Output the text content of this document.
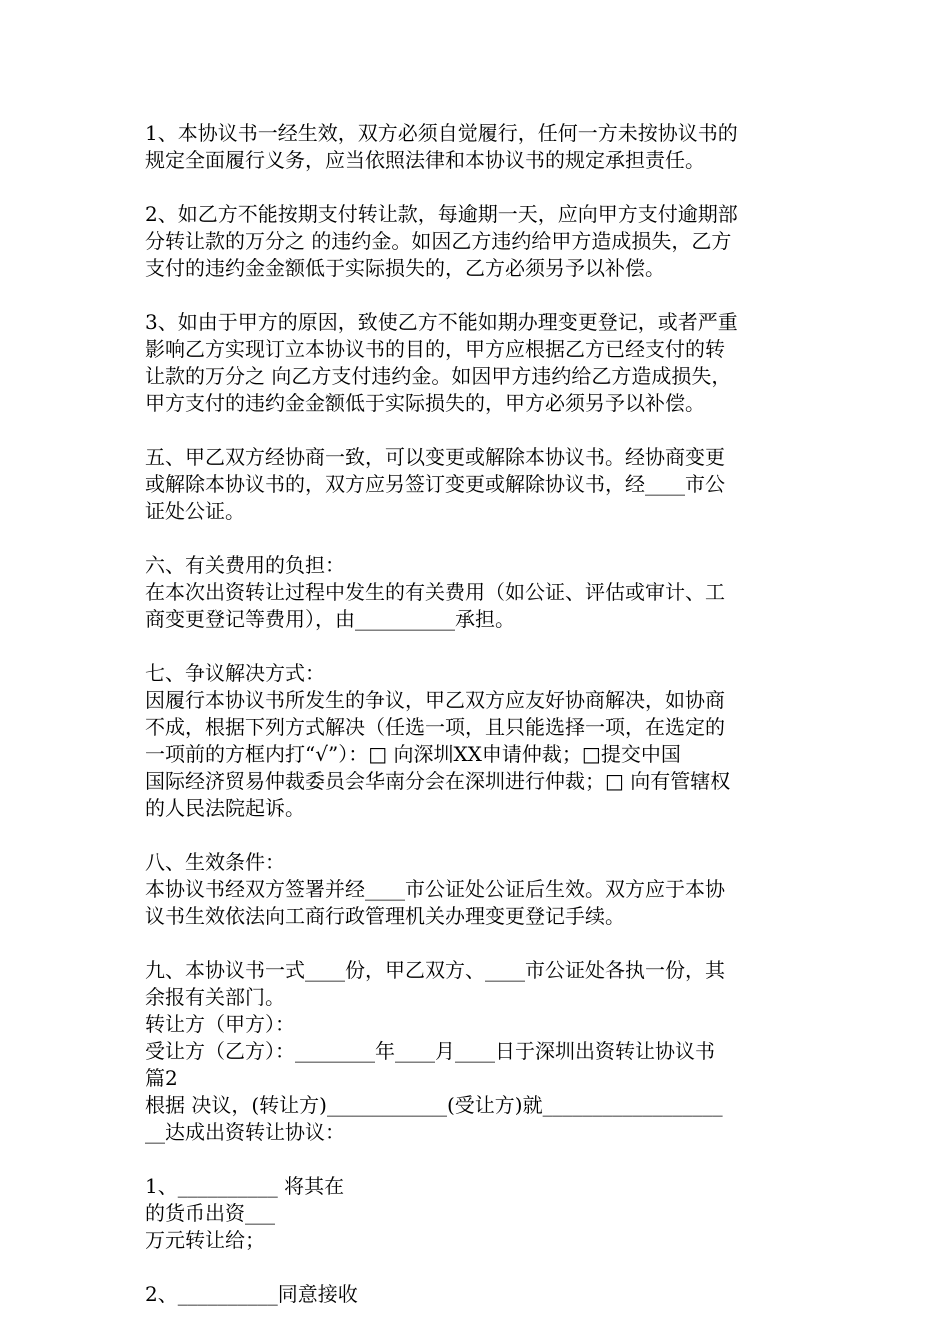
1、本协议书一经生效，双方必须自觉履行，任何一方未按协议书的
规定全面履行义务，应当依照法律和本协议书的规定承担责任。
2、如乙方不能按期支付转让款，每逾期一天，应向甲方支付逾期部
分转让款的万分之 的违约金。如因乙方违约给甲方造成损失，乙方
支付的违约金金额低于实际损失的，乙方必须另予以补偿。
3、如由于甲方的原因，致使乙方不能如期办理变更登记，或者严重
影响乙方实现订立本协议书的目的，甲方应根据乙方已经支付的转
让款的万分之 向乙方支付违约金。如因甲方违约给乙方造成损失，
甲方支付的违约金金额低于实际损失的，甲方必须另予以补偿。
五、甲乙双方经协商一致，可以变更或解除本协议书。经协商变更
或解除本协议书的，双方应另签订变更或解除协议书，经____市公
证处公证。
六、有关费用的负担：
在本次出资转让过程中发生的有关费用（如公证、评估或审计、工
商变更登记等费用），由__________承担。
七、争议解决方式：
因履行本协议书所发生的争议，甲乙双方应友好协商解决，如协商
不成，根据下列方式解决（任选一项，且只能选择一项，在选定的
一项前的方框内打“√”）：□ 向深圳XX申请仲裁；□提交中国
国际经济贸易仲裁委员会华南分会在深圳进行仲裁；□ 向有管辖权
的人民法院起诉。
八、生效条件：
本协议书经双方签署并经____市公证处公证后生效。双方应于本协
议书生效依法向工商行政管理机关办理变更登记手续。
九、本协议书一式____份，甲乙双方、____市公证处各执一份，其
余报有关部门。
转让方（甲方）：
受让方（乙方）：________年____月____日于深圳出资转让协议书
篇2
根据 决议，(转让方)____________(受让方)就__________________
__达成出资转让协议：
1、__________ 将其在
的货币出资___
万元转让给；
2、__________同意接收
